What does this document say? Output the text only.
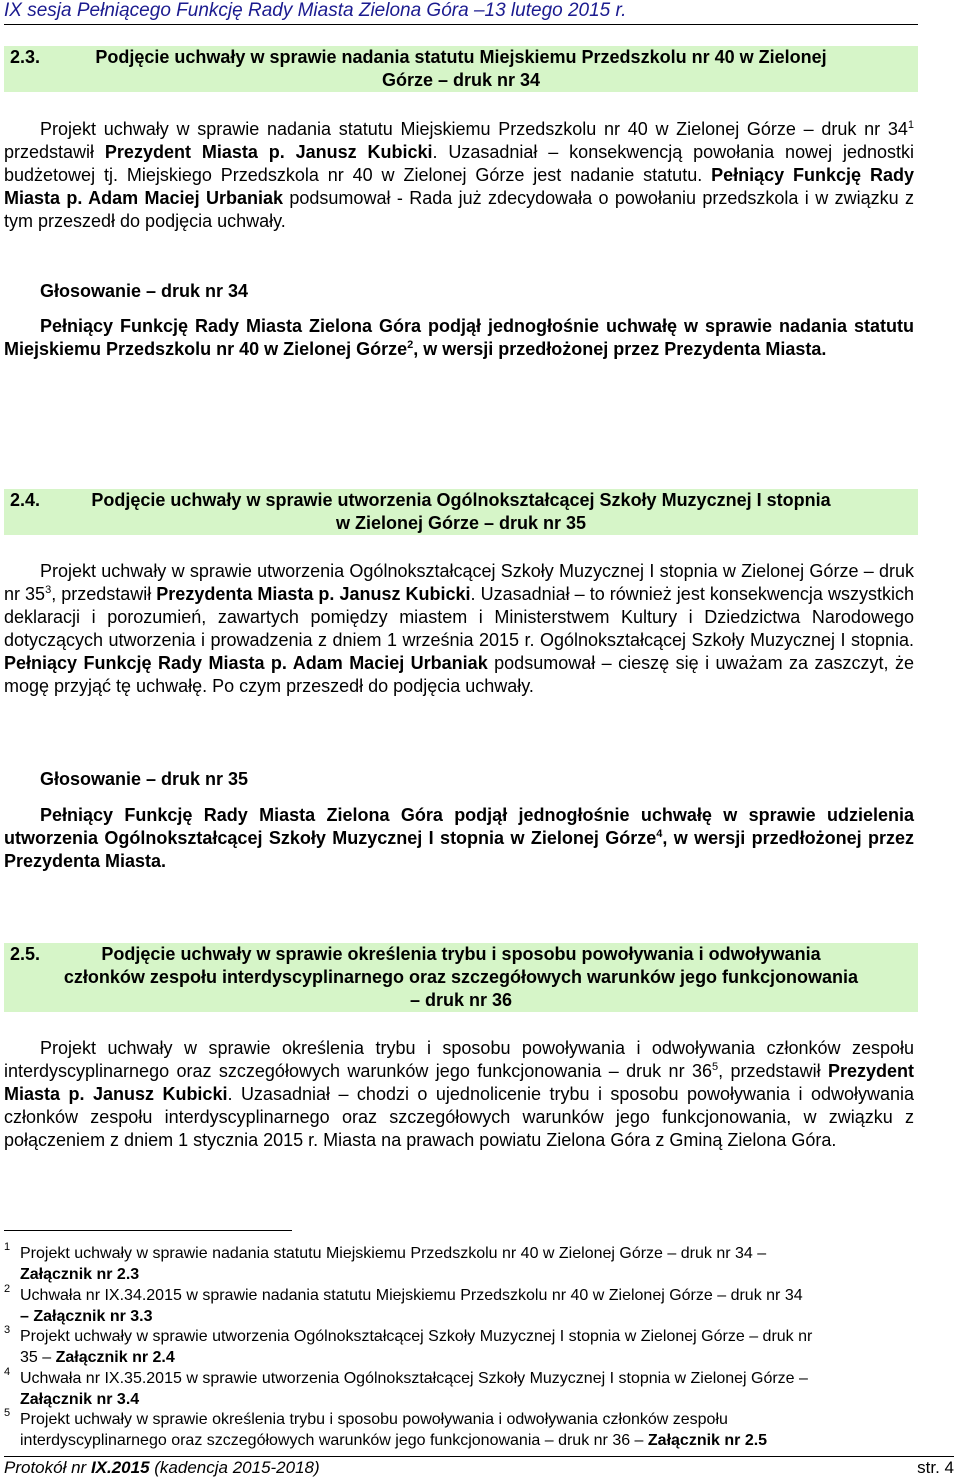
IX sesja Pełniącego Funkcję Rady Miasta Zielona Góra –13 lutego 2015 r.
2.3.	Podjęcie uchwały w sprawie nadania statutu Miejskiemu Przedszkolu nr 40 w Zielonej
Górze – druk nr 34
Projekt uchwały w sprawie nadania statutu Miejskiemu Przedszkolu nr 40 w Zielonej Górze – druk nr $34^1$ przedstawił Prezydent Miasta p. Janusz Kubicki. Uzasadniał – konsekwencją powołania nowej jednostki budżetowej tj. Miejskiego Przedszkola nr 40 w Zielonej Górze jest nadanie statutu. Pełniący Funkcję Rady Miasta p. Adam Maciej Urbaniak podsumował - Rada już zdecydowała o powołaniu przedszkola i w związku z tym przeszedł do podjęcia uchwały.
Głosowanie – druk nr 34
Pełniący Funkcję Rady Miasta Zielona Góra podjął jednogłośnie uchwałę w sprawie nadania statutu Miejskiemu Przedszkolu nr 40 w Zielonej Górze$^2$, w wersji przedłożonej przez Prezydenta Miasta.
2.4.	Podjęcie uchwały w sprawie utworzenia Ogólnokształcącej Szkoły Muzycznej I stopnia
w Zielonej Górze – druk nr 35
Projekt uchwały w sprawie utworzenia Ogólnokształcącej Szkoły Muzycznej I stopnia w Zielonej Górze – druk nr $35^3$, przedstawił Prezydenta Miasta p. Janusz Kubicki. Uzasadniał – to również jest konsekwencja wszystkich deklaracji i porozumień, zawartych pomiędzy miastem i Ministerstwem Kultury i Dziedzictwa Narodowego dotyczących utworzenia i prowadzenia z dniem 1 września 2015 r. Ogólnokształcącej Szkoły Muzycznej I stopnia. Pełniący Funkcję Rady Miasta p. Adam Maciej Urbaniak podsumował – cieszę się i uważam za zaszczyt, że mogę przyjąć tę uchwałę. Po czym przeszedł do podjęcia uchwały.
Głosowanie – druk nr 35
Pełniący Funkcję Rady Miasta Zielona Góra podjął jednogłośnie uchwałę w sprawie udzielenia utworzenia Ogólnokształcącej Szkoły Muzycznej I stopnia w Zielonej Górze$^4$, w wersji przedłożonej przez Prezydenta Miasta.
2.5.	Podjęcie uchwały w sprawie określenia trybu i sposobu powoływania i odwoływania
członków zespołu interdyscyplinarnego oraz szczegółowych warunków jego funkcjonowania
– druk nr 36
Projekt uchwały w sprawie określenia trybu i sposobu powoływania i odwoływania członków zespołu interdyscyplinarnego oraz szczegółowych warunków jego funkcjonowania – druk nr $36^5$, przedstawił Prezydent Miasta p. Janusz Kubicki. Uzasadniał – chodzi o ujednolicenie trybu i sposobu powoływania i odwoływania członków zespołu interdyscyplinarnego oraz szczegółowych warunków jego funkcjonowania, w związku z połączeniem z dniem 1 stycznia 2015 r. Miasta na prawach powiatu Zielona Góra z Gminą Zielona Góra.
1 Projekt uchwały w sprawie nadania statutu Miejskiemu Przedszkolu nr 40 w Zielonej Górze – druk nr 34 –
Załącznik nr 2.3
2 Uchwała nr IX.34.2015 w sprawie nadania statutu Miejskiemu Przedszkolu nr 40 w Zielonej Górze – druk nr 34
– Załącznik nr 3.3
3 Projekt uchwały w sprawie utworzenia Ogólnokształcącej Szkoły Muzycznej I stopnia w Zielonej Górze – druk nr
35 – Załącznik nr 2.4
4 Uchwała nr IX.35.2015 w sprawie utworzenia Ogólnokształcącej Szkoły Muzycznej I stopnia w Zielonej Górze –
Załącznik nr 3.4
5 Projekt uchwały w sprawie określenia trybu i sposobu powoływania i odwoływania członków zespołu
interdyscyplinarnego oraz szczegółowych warunków jego funkcjonowania – druk nr 36 – Załącznik nr 2.5
Protokół nr IX.2015 (kadencja 2015-2018)	str. 4
